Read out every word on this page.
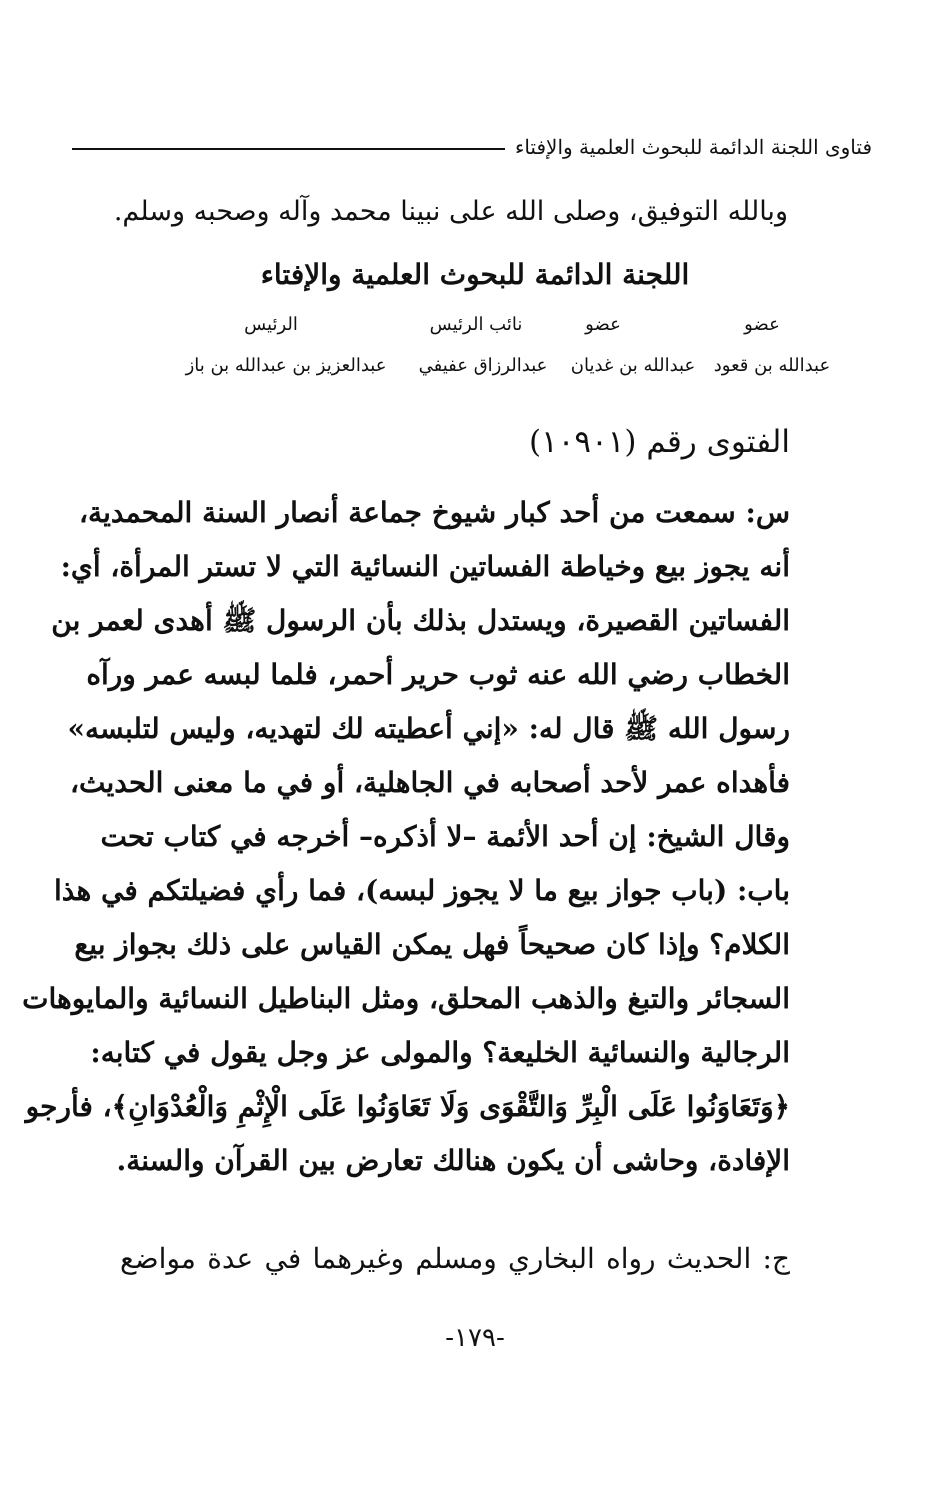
فتاوى اللجنة الدائمة للبحوث العلمية والإفتاء
وبالله التوفيق، وصلى الله على نبينا محمد وآله وصحبه وسلم.
اللجنة الدائمة للبحوث العلمية والإفتاء
عضو
عضو
نائب الرئيس
الرئيس
عبدالله بن قعود
عبدالله بن غديان
عبدالرزاق عفيفي
عبدالعزيز بن عبدالله بن باز
الفتوى رقم (١٠٩٠١)
س: سمعت من أحد كبار شيوخ جماعة أنصار السنة المحمدية،
أنه يجوز بيع وخياطة الفساتين النسائية التي لا تستر المرأة، أي:
الفساتين القصيرة، ويستدل بذلك بأن الرسول ﷺ أهدى لعمر بن
الخطاب رضي الله عنه ثوب حرير أحمر، فلما لبسه عمر ورآه
رسول الله ﷺ قال له: «إني أعطيته لك لتهديه، وليس لتلبسه»
فأهداه عمر لأحد أصحابه في الجاهلية، أو في ما معنى الحديث،
وقال الشيخ: إن أحد الأئمة –لا أذكره– أخرجه في كتاب تحت
باب: (باب جواز بيع ما لا يجوز لبسه)، فما رأي فضيلتكم في هذا
الكلام؟ وإذا كان صحيحاً فهل يمكن القياس على ذلك بجواز بيع
السجائر والتبغ والذهب المحلق، ومثل البناطيل النسائية والمايوهات
الرجالية والنسائية الخليعة؟ والمولى عز وجل يقول في كتابه:
﴿وَتَعَاوَنُوا عَلَى الْبِرِّ وَالتَّقْوَى وَلَا تَعَاوَنُوا عَلَى الْإِثْمِ وَالْعُدْوَانِ﴾، فأرجو
الإفادة، وحاشى أن يكون هنالك تعارض بين القرآن والسنة.
ج: الحديث رواه البخاري ومسلم وغيرهما في عدة مواضع
-١٧٩-
